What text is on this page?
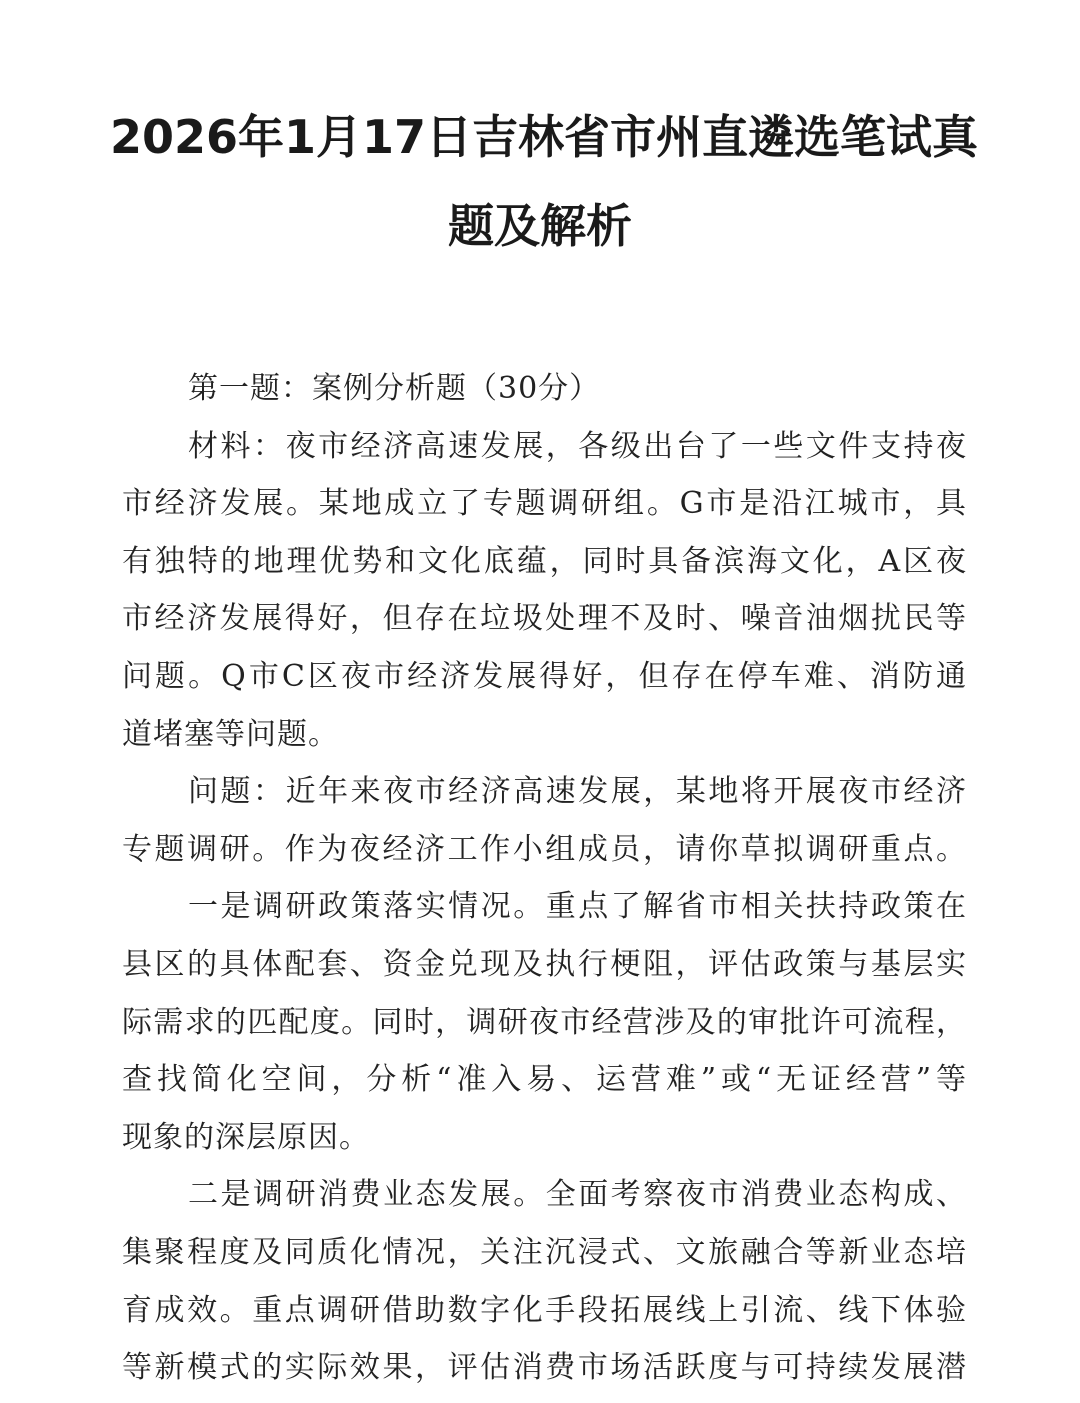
2026年1月17日吉林省市州直遴选笔试真
题及解析
第一题：案例分析题（30分）
材料：夜市经济高速发展，各级出台了一些文件支持夜
市经济发展。某地成立了专题调研组。G市是沿江城市，具
有独特的地理优势和文化底蕴，同时具备滨海文化，A区夜
市经济发展得好，但存在垃圾处理不及时、噪音油烟扰民等
问题。Q市C区夜市经济发展得好，但存在停车难、消防通
道堵塞等问题。
问题：近年来夜市经济高速发展，某地将开展夜市经济
专题调研。作为夜经济工作小组成员，请你草拟调研重点。
一是调研政策落实情况。重点了解省市相关扶持政策在
县区的具体配套、资金兑现及执行梗阻，评估政策与基层实
际需求的匹配度。同时，调研夜市经营涉及的审批许可流程，
查找简化空间，分析“准入易、运营难”或“无证经营”等
现象的深层原因。
二是调研消费业态发展。全面考察夜市消费业态构成、
集聚程度及同质化情况，关注沉浸式、文旅融合等新业态培
育成效。重点调研借助数字化手段拓展线上引流、线下体验
等新模式的实际效果，评估消费市场活跃度与可持续发展潜
